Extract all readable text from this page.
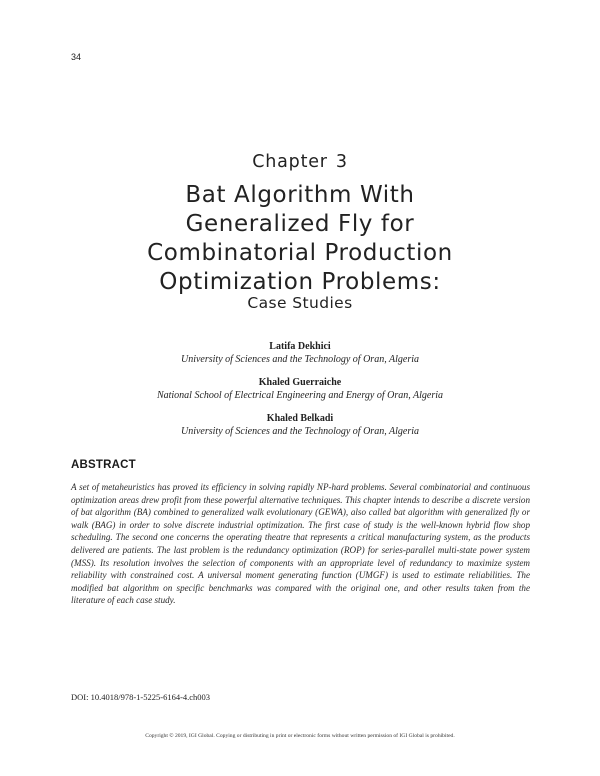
34
Chapter 3
Bat Algorithm With
Generalized Fly for
Combinatorial Production
Optimization Problems:
Case Studies
Latifa Dekhici
University of Sciences and the Technology of Oran, Algeria
Khaled Guerraiche
National School of Electrical Engineering and Energy of Oran, Algeria
Khaled Belkadi
University of Sciences and the Technology of Oran, Algeria
ABSTRACT

A set of metaheuristics has proved its efficiency in solving rapidly NP-hard problems. Several combinatorial and continuous optimization areas drew profit from these powerful alternative techniques. This chapter intends to describe a discrete version of bat algorithm (BA) combined to generalized walk evolutionary (GEWA), also called bat algorithm with generalized fly or walk (BAG) in order to solve discrete industrial optimization. The first case of study is the well-known hybrid flow shop scheduling. The second one concerns the operating theatre that represents a critical manufacturing system, as the products delivered are patients. The last problem is the redundancy optimization (ROP) for series-parallel multi-state power system (MSS). Its resolution involves the selection of components with an appropriate level of redundancy to maximize system reliability with constrained cost. A universal moment generating function (UMGF) is used to estimate reliabilities. The modified bat algorithm on specific benchmarks was compared with the original one, and other results taken from the literature of each case study.

DOI: 10.4018/978-1-5225-6164-4.ch003
Copyright © 2019, IGI Global. Copying or distributing in print or electronic forms without written permission of IGI Global is prohibited.
